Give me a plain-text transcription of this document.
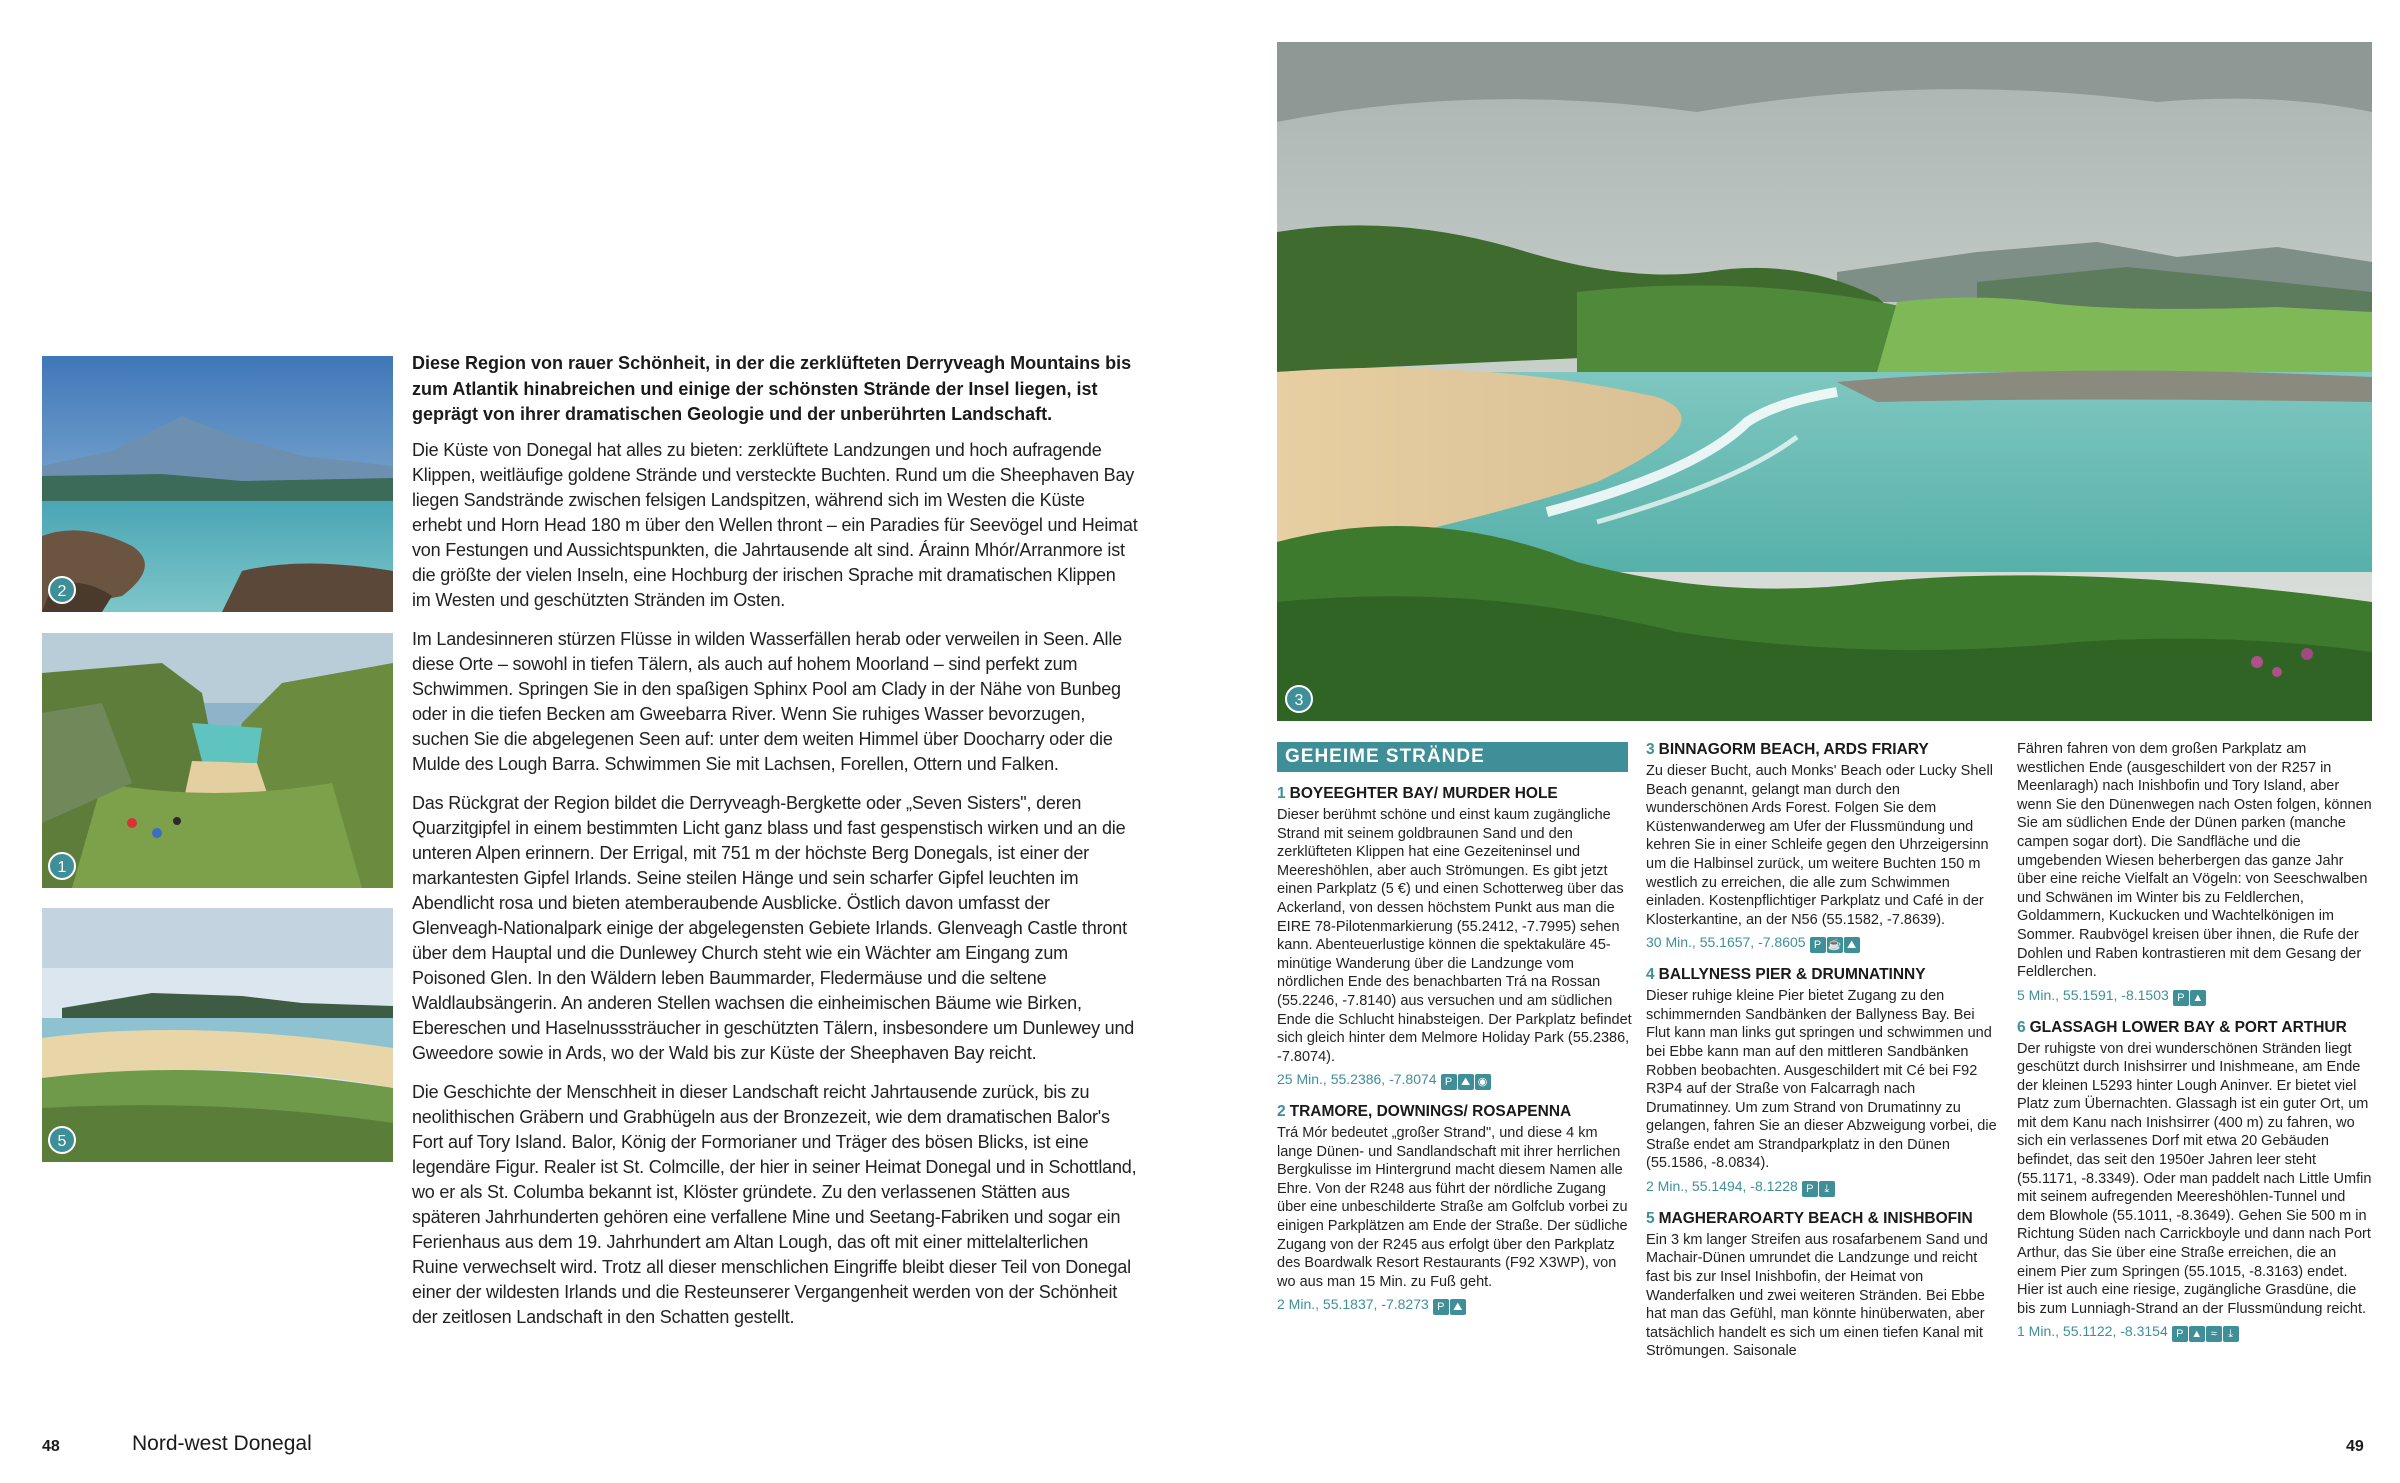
2
1
5

Diese Region von rauer Schönheit, in der die zerklüfteten Derryveagh Mountains bis zum Atlantik hinabreichen und einige der schönsten Strände der Insel liegen, ist geprägt von ihrer dramatischen Geologie und der unberührten Landschaft.

Die Küste von Donegal hat alles zu bieten: zerklüftete Landzungen und hoch aufragende Klippen, weitläufige goldene Strände und versteckte Buchten. Rund um die Sheephaven Bay liegen Sandstrände zwischen felsigen Landspitzen, während sich im Westen die Küste erhebt und Horn Head 180 m über den Wellen thront – ein Paradies für Seevögel und Heimat von Festungen und Aussichtspunkten, die Jahrtausende alt sind. Árainn Mhór/Arranmore ist die größte der vielen Inseln, eine Hochburg der irischen Sprache mit dramatischen Klippen im Westen und geschützten Stränden im Osten.

Im Landesinneren stürzen Flüsse in wilden Wasserfällen herab oder verweilen in Seen. Alle diese Orte – sowohl in tiefen Tälern, als auch auf hohem Moorland – sind perfekt zum Schwimmen. Springen Sie in den spaßigen Sphinx Pool am Clady in der Nähe von Bunbeg oder in die tiefen Becken am Gweebarra River. Wenn Sie ruhiges Wasser bevorzugen, suchen Sie die abgelegenen Seen auf: unter dem weiten Himmel über Doocharry oder die Mulde des Lough Barra. Schwimmen Sie mit Lachsen, Forellen, Ottern und Falken.

Das Rückgrat der Region bildet die Derryveagh-Bergkette oder „Seven Sisters", deren Quarzitgipfel in einem bestimmten Licht ganz blass und fast gespenstisch wirken und an die unteren Alpen erinnern. Der Errigal, mit 751 m der höchste Berg Donegals, ist einer der markantesten Gipfel Irlands. Seine steilen Hänge und sein scharfer Gipfel leuchten im Abendlicht rosa und bieten atemberaubende Ausblicke. Östlich davon umfasst der Glenveagh-Nationalpark einige der abgelegensten Gebiete Irlands. Glenveagh Castle thront über dem Hauptal und die Dunlewey Church steht wie ein Wächter am Eingang zum Poisoned Glen. In den Wäldern leben Baummarder, Fledermäuse und die seltene Waldlaubsängerin. An anderen Stellen wachsen die einheimischen Bäume wie Birken, Ebereschen und Haselnusssträucher in geschützten Tälern, insbesondere um Dunlewey und Gweedore sowie in Ards, wo der Wald bis zur Küste der Sheephaven Bay reicht.

Die Geschichte der Menschheit in dieser Landschaft reicht Jahrtausende zurück, bis zu neolithischen Gräbern und Grabhügeln aus der Bronzezeit, wie dem dramatischen Balor's Fort auf Tory Island. Balor, König der Formorianer und Träger des bösen Blicks, ist eine legendäre Figur. Realer ist St. Colmcille, der hier in seiner Heimat Donegal und in Schottland, wo er als St. Columba bekannt ist, Klöster gründete. Zu den verlassenen Stätten aus späteren Jahrhunderten gehören eine verfallene Mine und Seetang-Fabriken und sogar ein Ferienhaus aus dem 19. Jahrhundert am Altan Lough, das oft mit einer mittelalterlichen Ruine verwechselt wird. Trotz all dieser menschlichen Eingriffe bleibt dieser Teil von Donegal einer der wildesten Irlands und die Resteunserer Vergangenheit werden von der Schönheit der zeitlosen Landschaft in den Schatten gestellt.

48	Nord-west Donegal
3
GEHEIME STRÄNDE
1 BOYEEGHTER BAY/ MURDER HOLE

Dieser berühmt schöne und einst kaum zugängliche Strand mit seinem goldbraunen Sand und den zerklüfteten Klippen hat eine Gezeiteninsel und Meereshöhlen, aber auch Strömungen. Es gibt jetzt einen Parkplatz (5 €) und einen Schotterweg über das Ackerland, von dessen höchstem Punkt aus man die EIRE 78-Pilotenmarkierung (55.2412, -7.7995) sehen kann. Abenteuerlustige können die spektakuläre 45-minütige Wanderung über die Landzunge vom nördlichen Ende des benachbarten Trá na Rossan (55.2246, -7.8140) aus versuchen und am südlichen Ende die Schlucht hinabsteigen. Der Parkplatz befindet sich gleich hinter dem Melmore Holiday Park (55.2386, -7.8074).

25 Min., 55.2386, -7.8074 P ⛰ ◉
2 TRAMORE, DOWNINGS/ ROSAPENNA

Trá Mór bedeutet „großer Strand", und diese 4 km lange Dünen- und Sandlandschaft mit ihrer herrlichen Bergkulisse im Hintergrund macht diesem Namen alle Ehre. Von der R248 aus führt der nördliche Zugang über eine unbeschilderte Straße am Golfclub vorbei zu einigen Parkplätzen am Ende der Straße. Der südliche Zugang von der R245 aus erfolgt über den Parkplatz des Boardwalk Resort Restaurants (F92 X3WP), von wo aus man 15 Min. zu Fuß geht.

2 Min., 55.1837, -7.8273 P ⛰
3 BINNAGORM BEACH, ARDS FRIARY

Zu dieser Bucht, auch Monks' Beach oder Lucky Shell Beach genannt, gelangt man durch den wunderschönen Ards Forest. Folgen Sie dem Küstenwanderweg am Ufer der Flussmündung und kehren Sie in einer Schleife gegen den Uhrzeigersinn um die Halbinsel zurück, um weitere Buchten 150 m westlich zu erreichen, die alle zum Schwimmen einladen. Kostenpflichtiger Parkplatz und Café in der Klosterkantine, an der N56 (55.1582, -7.8639).

30 Min., 55.1657, -7.8605 P ☕ ⛰
4 BALLYNESS PIER & DRUMNATINNY

Dieser ruhige kleine Pier bietet Zugang zu den schimmernden Sandbänken der Ballyness Bay. Bei Flut kann man links gut springen und schwimmen und bei Ebbe kann man auf den mittleren Sandbänken Robben beobachten. Ausgeschildert mit Cé bei F92 R3P4 auf der Straße von Falcarragh nach Drumatinney. Um zum Strand von Drumatinny zu gelangen, fahren Sie an dieser Abzweigung vorbei, die Straße endet am Strandparkplatz in den Dünen (55.1586, -8.0834).

2 Min., 55.1494, -8.1228 P ⤓
5 MAGHERAROARTY BEACH & INISHBOFIN

Ein 3 km langer Streifen aus rosafarbenem Sand und Machair-Dünen umrundet die Landzunge und reicht fast bis zur Insel Inishbofin, der Heimat von Wanderfalken und zwei weiteren Stränden. Bei Ebbe hat man das Gefühl, man könnte hinüberwaten, aber tatsächlich handelt es sich um einen tiefen Kanal mit Strömungen. Saisonale

Fähren fahren von dem großen Parkplatz am westlichen Ende (ausgeschildert von der R257 in Meenlaragh) nach Inishbofin und Tory Island, aber wenn Sie den Dünenwegen nach Osten folgen, können Sie am südlichen Ende der Dünen parken (manche campen sogar dort). Die Sandfläche und die umgebenden Wiesen beherbergen das ganze Jahr über eine reiche Vielfalt an Vögeln: von Seeschwalben und Schwänen im Winter bis zu Feldlerchen, Goldammern, Kuckucken und Wachtelkönigen im Sommer. Raubvögel kreisen über ihnen, die Rufe der Dohlen und Raben kontrastieren mit dem Gesang der Feldlerchen.

5 Min., 55.1591, -8.1503 P ▲
6 GLASSAGH LOWER BAY & PORT ARTHUR

Der ruhigste von drei wunderschönen Stränden liegt geschützt durch Inishsirrer und Inishmeane, am Ende der kleinen L5293 hinter Lough Aninver. Er bietet viel Platz zum Übernachten. Glassagh ist ein guter Ort, um mit dem Kanu nach Inishsirrer (400 m) zu fahren, wo sich ein verlassenes Dorf mit etwa 20 Gebäuden befindet, das seit den 1950er Jahren leer steht (55.1171, -8.3349). Oder man paddelt nach Little Umfin mit seinem aufregenden Meereshöhlen-Tunnel und dem Blowhole (55.1011, -8.3649). Gehen Sie 500 m in Richtung Süden nach Carrickboyle und dann nach Port Arthur, das Sie über eine Straße erreichen, die an einem Pier zum Springen (55.1015, -8.3163) endet. Hier ist auch eine riesige, zugängliche Grasdüne, die bis zum Lunniagh-Strand an der Flussmündung reicht.

1 Min., 55.1122, -8.3154 P ▲ ≈ ⤓
49
